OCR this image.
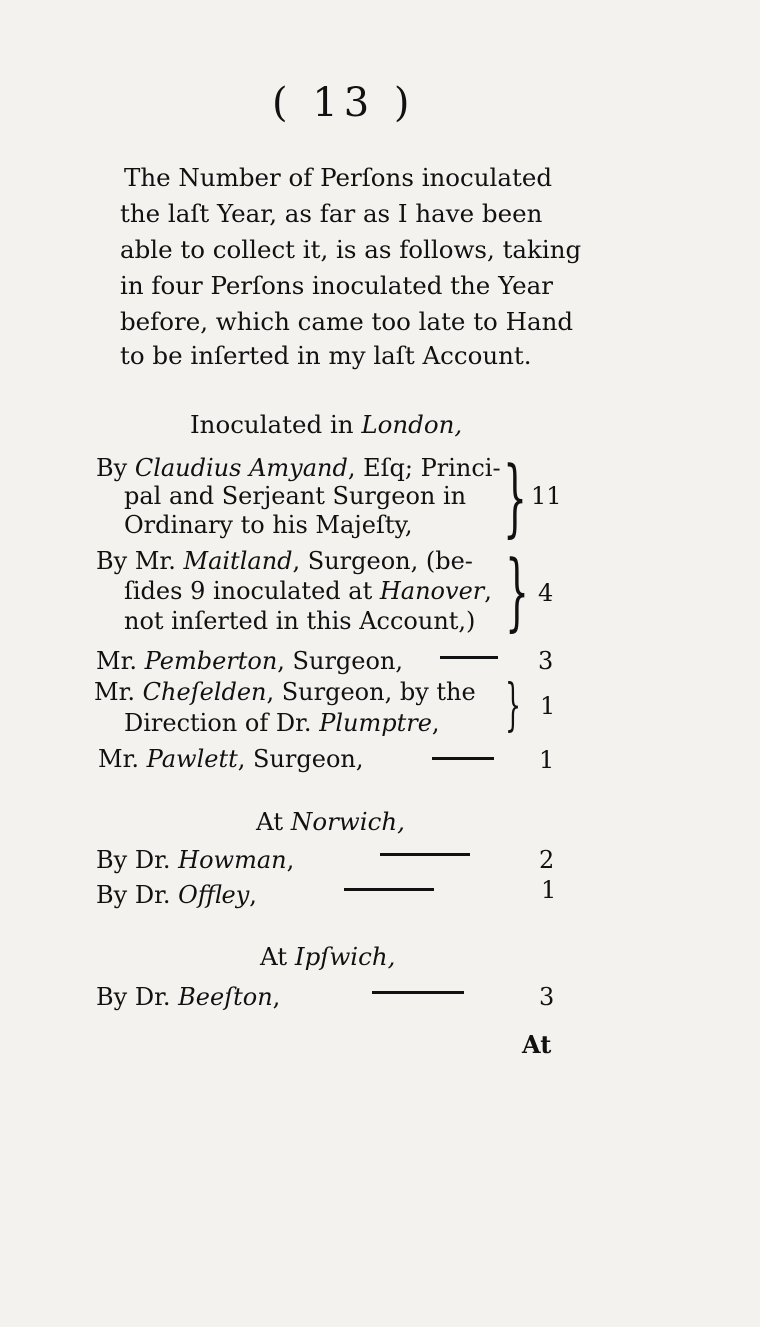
( 13 )
The Number of Perſons inoculated
the laſt Year, as far as I have been
able to collect it, is as follows, taking
in four Perſons inoculated the Year
before, which came too late to Hand
to be inſerted in my laſt Account.
Inoculated in London,
By Claudius Amyand, Eſq; Princi-
pal and Serjeant Surgeon in
Ordinary to his Majeſty, } 11
By Mr. Maitland, Surgeon, (be-
ſides 9 inoculated at Hanover,
not inſerted in this Account,) } 4
Mr. Pemberton, Surgeon,	3
Mr. Cheſelden, Surgeon, by the
Direction of Dr. Plumptre, } 1
Mr. Pawlett, Surgeon,	1
At Norwich,
By Dr. Howman,	2
By Dr. Offley,	1
At Ipſwich,
By Dr. Beeſton,	3
At
